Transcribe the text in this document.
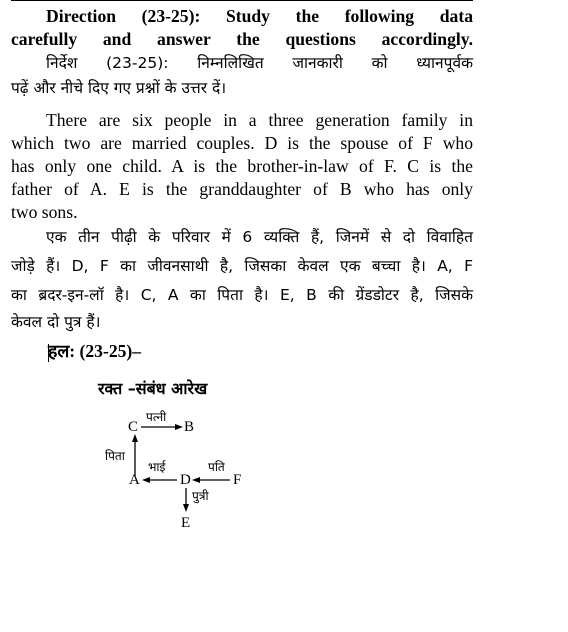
Direction (23-25): Study the following data
carefully and answer the questions accordingly.
निर्देश (23-25): निम्नलिखित जानकारी को ध्यानपूर्वक
पढ़ें और नीचे दिए गए प्रश्नों के उत्तर दें।
There are six people in a three generation family in
which two are married couples. D is the spouse of F who
has only one child. A is the brother-in-law of F. C is the
father of A. E is the granddaughter of B who has only
two sons.
एक तीन पीढ़ी के परिवार में 6 व्यक्ति हैं, जिनमें से दो विवाहित
जोड़े हैं। D, F का जीवनसाथी है, जिसका केवल एक बच्चा है। A, F
का ब्रदर-इन-लॉ है। C, A का पिता है। E, B की ग्रेंडडोटर है, जिसके
केवल दो पुत्र हैं।
हल: (23-25)–
रक्त –संबंध आरेख
C	B
A	D	F
E
पत्नी
पिता
भाई	पति
पुत्री
